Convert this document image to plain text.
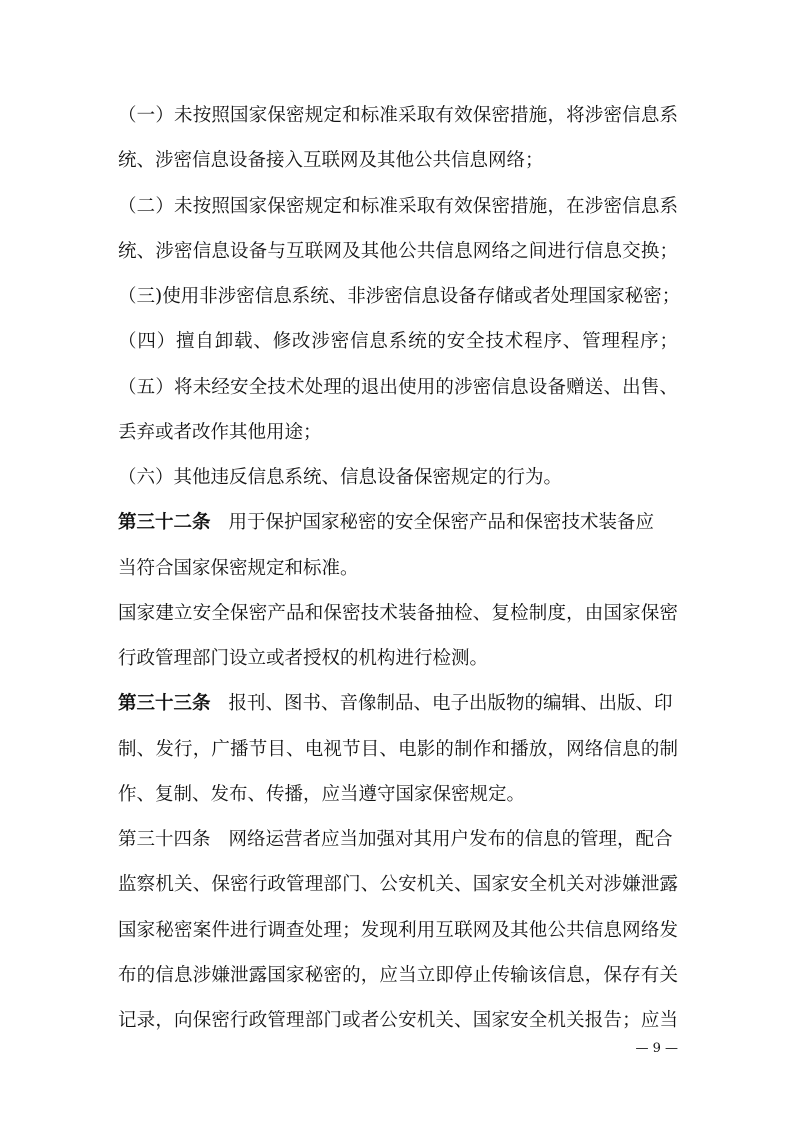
（一）未按照国家保密规定和标准采取有效保密措施，将涉密信息系
统、涉密信息设备接入互联网及其他公共信息网络；
（二）未按照国家保密规定和标准采取有效保密措施，在涉密信息系
统、涉密信息设备与互联网及其他公共信息网络之间进行信息交换；
（三)使用非涉密信息系统、非涉密信息设备存储或者处理国家秘密；
（四）擅自卸载、修改涉密信息系统的安全技术程序、管理程序；
（五）将未经安全技术处理的退出使用的涉密信息设备赠送、出售、
丢弃或者改作其他用途；
（六）其他违反信息系统、信息设备保密规定的行为。
第三十二条 用于保护国家秘密的安全保密产品和保密技术装备应
当符合国家保密规定和标准。
国家建立安全保密产品和保密技术装备抽检、复检制度，由国家保密
行政管理部门设立或者授权的机构进行检测。
第三十三条 报刊、图书、音像制品、电子出版物的编辑、出版、印
制、发行，广播节目、电视节目、电影的制作和播放，网络信息的制
作、复制、发布、传播，应当遵守国家保密规定。
第三十四条 网络运营者应当加强对其用户发布的信息的管理，配合
监察机关、保密行政管理部门、公安机关、国家安全机关对涉嫌泄露
国家秘密案件进行调查处理；发现利用互联网及其他公共信息网络发
布的信息涉嫌泄露国家秘密的，应当立即停止传输该信息，保存有关
记录，向保密行政管理部门或者公安机关、国家安全机关报告；应当
— 9 —
